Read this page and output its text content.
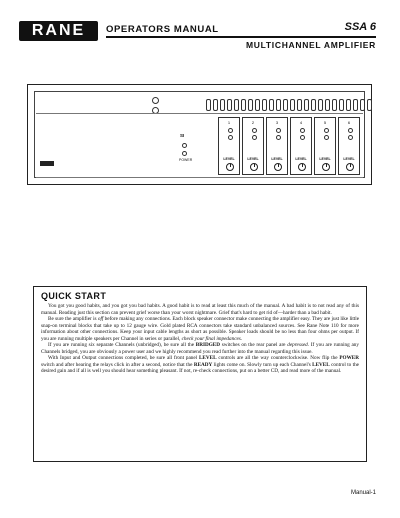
RANE	OPERATORS MANUAL	SSA 6
MULTICHANNEL AMPLIFIER
SI
POWER
1
LEVEL
2
LEVEL
3
LEVEL
4
LEVEL
5
LEVEL
6
LEVEL
QUICK START

You got you good habits, and you got you bad habits. A good habit is to read at least this much of the manual. A bad habit is to not read any of this manual. Reading just this section can prevent grief worse than your worst nightmare. Grief that's hard to get rid of—harder than a bad habit.

Be sure the amplifier is off before making any connections. Each block speaker connector make connecting the amplifier easy. They are just like little snap-on terminal blocks that take up to 12 gauge wire. Gold plated RCA connectors take standard unbalanced sources. See Rane Note 110 for more information about other connections. Keep your input cable lengths as short as possible. Speaker loads should be no less than four ohms per output. If you are running multiple speakers per Channel in series or parallel, check your final impedances.

If you are running six separate Channels (unbridged), be sure all the BRIDGED switches on the rear panel are depressed. If you are running any Channels bridged, you are obviously a power user and we highly recommend you read further into the manual regarding this issue.

With Input and Output connections completed, be sure all front panel LEVEL controls are all the way counterclockwise. Now flip the POWER switch and after hearing the relays click in after a second, notice that the READY lights come on. Slowly turn up each Channel's LEVEL control to the desired gain and if all is well you should hear something pleasant. If not, re-check connections, put on a better CD, and read more of the manual.

Manual-1
